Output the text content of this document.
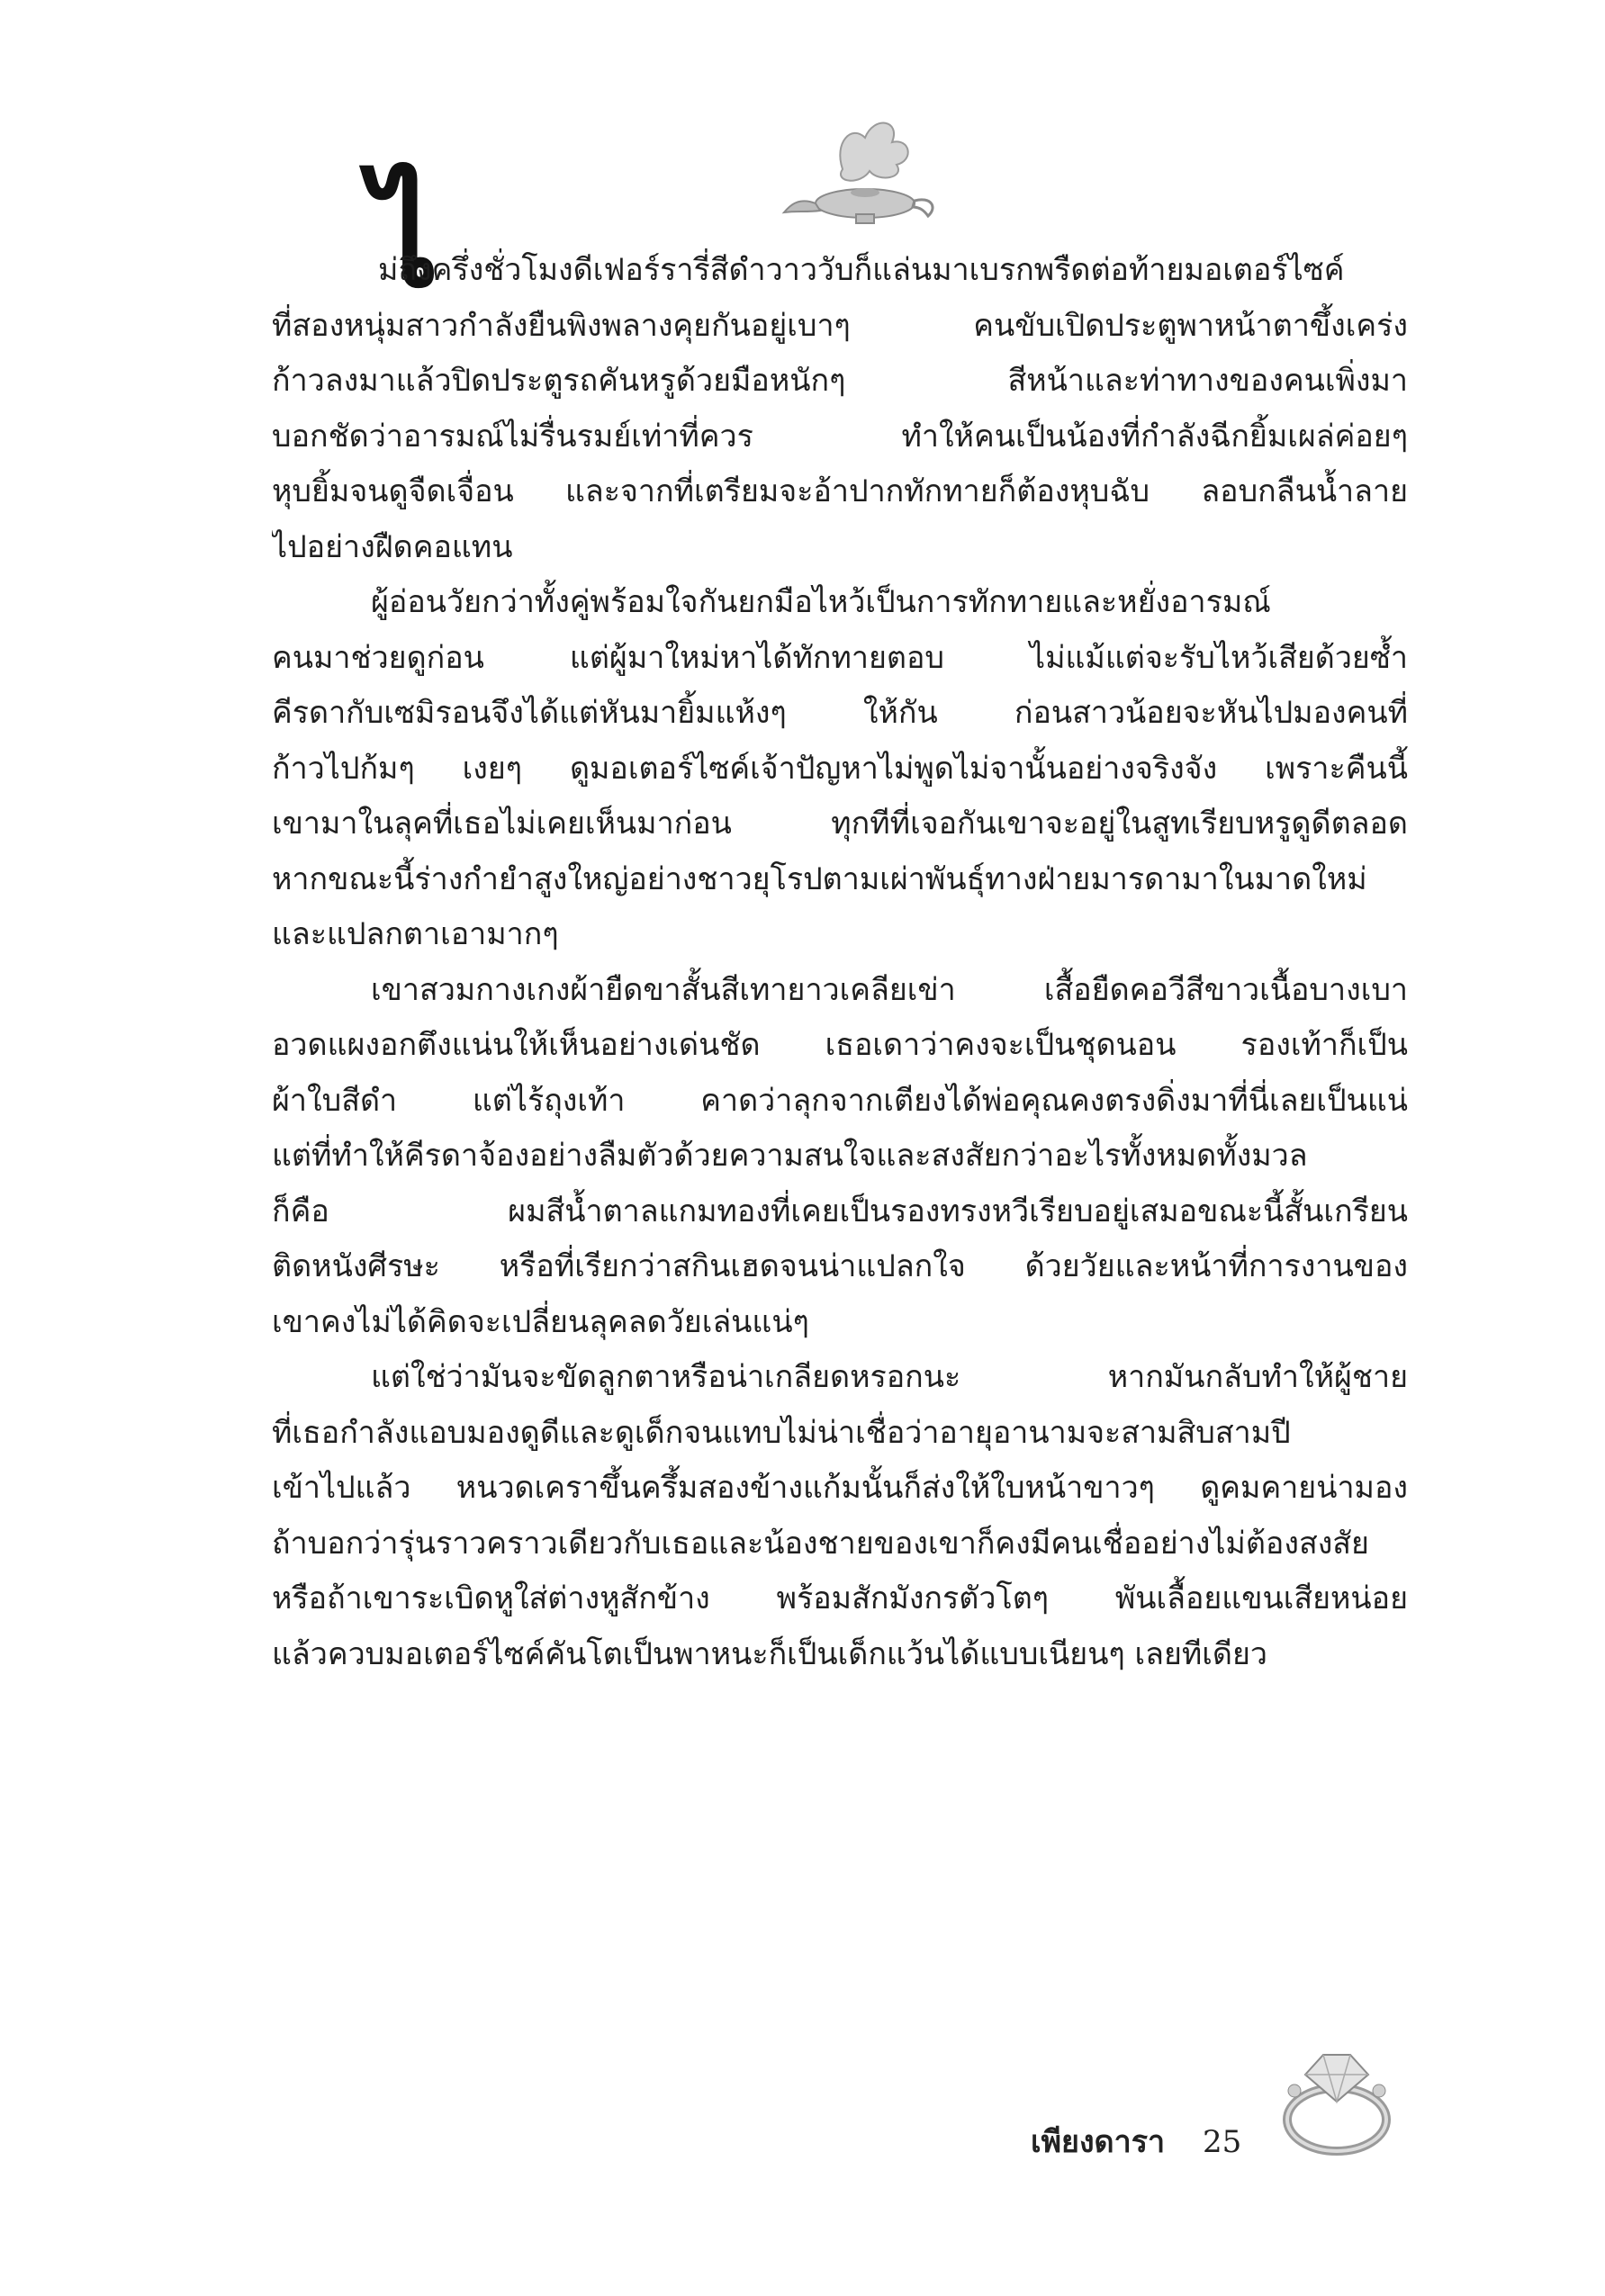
ไ

ม่ถึงครึ่งชั่วโมงดีเฟอร์รารี่สีดำวาววับก็แล่นมาเบรกพรืดต่อท้ายมอเตอร์ไซค์
ที่สองหนุ่มสาวกำลังยืนพิงพลางคุยกันอยู่เบาๆ คนขับเปิดประตูพาหน้าตาขึ้งเคร่ง
ก้าวลงมาแล้วปิดประตูรถคันหรูด้วยมือหนักๆ สีหน้าและท่าทางของคนเพิ่งมา
บอกชัดว่าอารมณ์ไม่รื่นรมย์เท่าที่ควร ทำให้คนเป็นน้องที่กำลังฉีกยิ้มเผล่ค่อยๆ
หุบยิ้มจนดูจืดเจื่อน และจากที่เตรียมจะอ้าปากทักทายก็ต้องหุบฉับ ลอบกลืนน้ำลาย
ไปอย่างฝืดคอแทน

ผู้อ่อนวัยกว่าทั้งคู่พร้อมใจกันยกมือไหว้เป็นการทักทายและหยั่งอารมณ์
คนมาช่วยดูก่อน แต่ผู้มาใหม่หาได้ทักทายตอบ ไม่แม้แต่จะรับไหว้เสียด้วยซ้ำ
คีรดากับเซมิรอนจึงได้แต่หันมายิ้มแห้งๆ ให้กัน ก่อนสาวน้อยจะหันไปมองคนที่
ก้าวไปก้มๆ เงยๆ ดูมอเตอร์ไซค์เจ้าปัญหาไม่พูดไม่จานั้นอย่างจริงจัง เพราะคืนนี้
เขามาในลุคที่เธอไม่เคยเห็นมาก่อน ทุกทีที่เจอกันเขาจะอยู่ในสูทเรียบหรูดูดีตลอด
หากขณะนี้ร่างกำยำสูงใหญ่อย่างชาวยุโรปตามเผ่าพันธุ์ทางฝ่ายมารดามาในมาดใหม่
และแปลกตาเอามากๆ

เขาสวมกางเกงผ้ายืดขาสั้นสีเทายาวเคลียเข่า เสื้อยืดคอวีสีขาวเนื้อบางเบา
อวดแผงอกตึงแน่นให้เห็นอย่างเด่นชัด เธอเดาว่าคงจะเป็นชุดนอน รองเท้าก็เป็น
ผ้าใบสีดำ แต่ไร้ถุงเท้า คาดว่าลุกจากเตียงได้พ่อคุณคงตรงดิ่งมาที่นี่เลยเป็นแน่
แต่ที่ทำให้คีรดาจ้องอย่างลืมตัวด้วยความสนใจและสงสัยกว่าอะไรทั้งหมดทั้งมวล
ก็คือ ผมสีน้ำตาลแกมทองที่เคยเป็นรองทรงหวีเรียบอยู่เสมอขณะนี้สั้นเกรียน
ติดหนังศีรษะ หรือที่เรียกว่าสกินเฮดจนน่าแปลกใจ ด้วยวัยและหน้าที่การงานของ
เขาคงไม่ได้คิดจะเปลี่ยนลุคลดวัยเล่นแน่ๆ

แต่ใช่ว่ามันจะขัดลูกตาหรือน่าเกลียดหรอกนะ หากมันกลับทำให้ผู้ชาย
ที่เธอกำลังแอบมองดูดีและดูเด็กจนแทบไม่น่าเชื่อว่าอายุอานามจะสามสิบสามปี
เข้าไปแล้ว หนวดเคราขึ้นครึ้มสองข้างแก้มนั้นก็ส่งให้ใบหน้าขาวๆ ดูคมคายน่ามอง
ถ้าบอกว่ารุ่นราวคราวเดียวกับเธอและน้องชายของเขาก็คงมีคนเชื่ออย่างไม่ต้องสงสัย
หรือถ้าเขาระเบิดหูใส่ต่างหูสักข้าง พร้อมสักมังกรตัวโตๆ พันเลื้อยแขนเสียหน่อย
แล้วควบมอเตอร์ไซค์คันโตเป็นพาหนะก็เป็นเด็กแว้นได้แบบเนียนๆ เลยทีเดียว

เพียงดารา 25
